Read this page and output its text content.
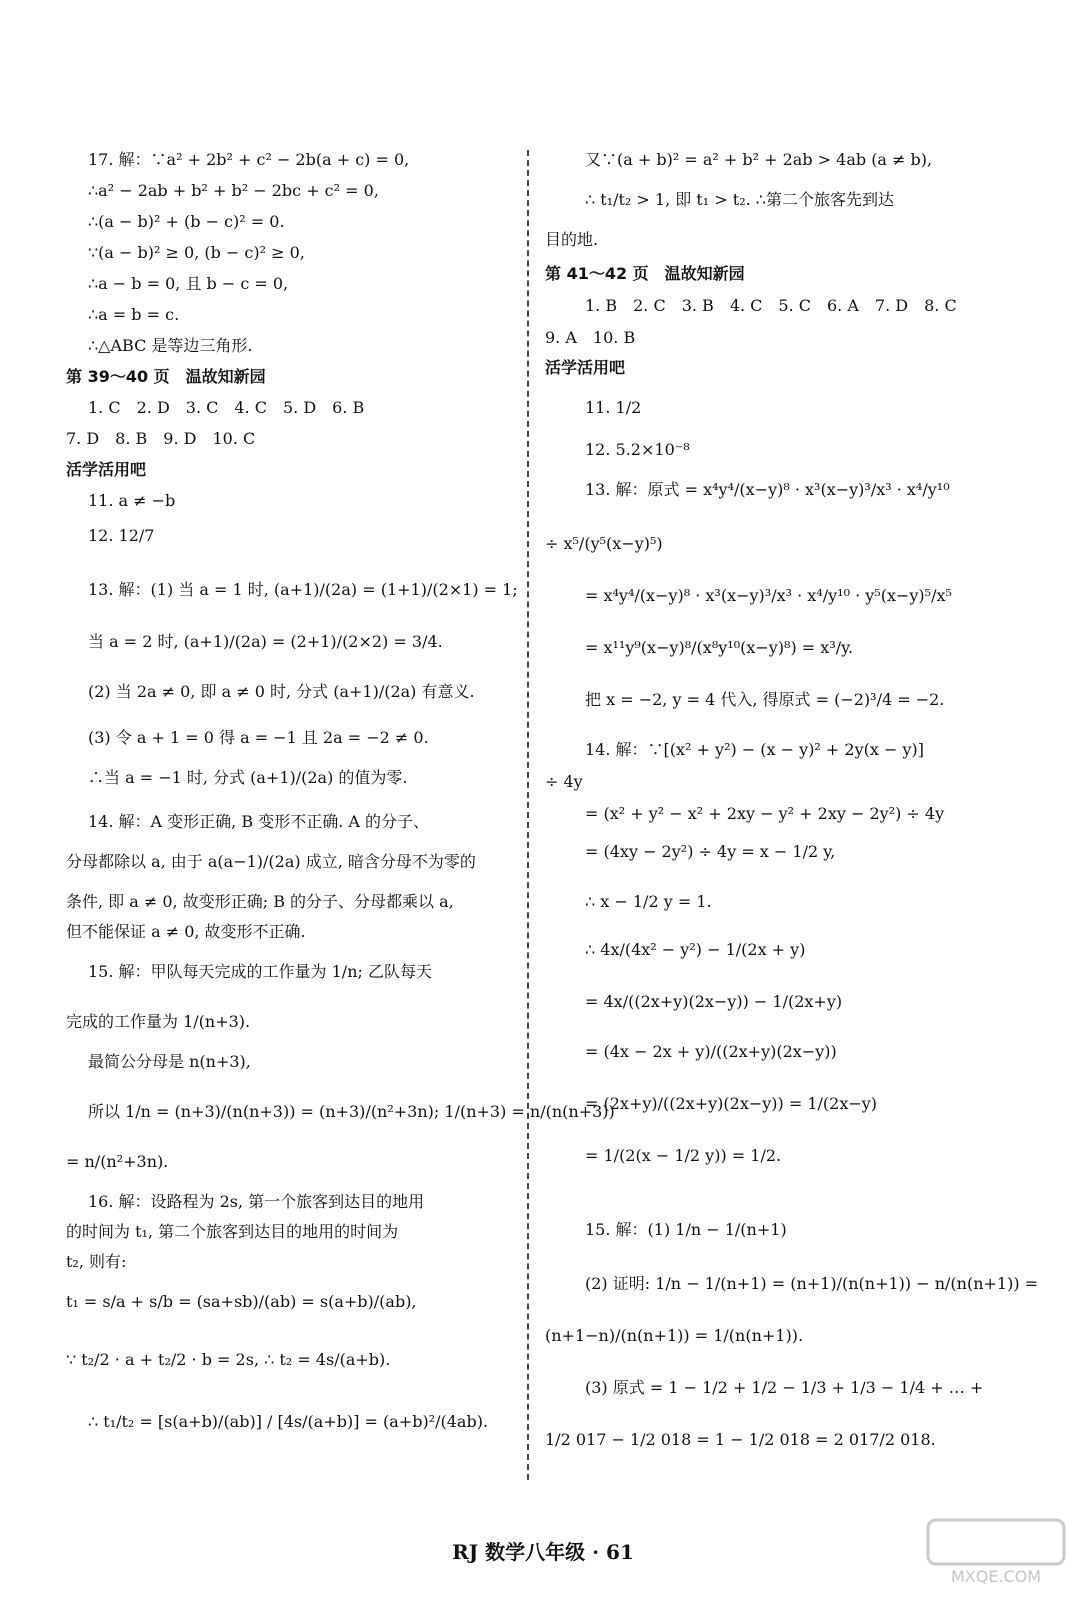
17. 解：∵a² + 2b² + c² − 2b(a + c) = 0,
∴a² − 2ab + b² + b² − 2bc + c² = 0,
∴(a − b)² + (b − c)² = 0.
∵(a − b)² ≥ 0, (b − c)² ≥ 0,
∴a − b = 0, 且 b − c = 0,
∴a = b = c.
∴△ABC 是等边三角形.
第 39～40 页　温故知新园
1. C　2. D　3. C　4. C　5. D　6. B
7. D　8. B　9. D　10. C
活学活用吧
11. a ≠ −b
12. 12/7
13. 解：(1) 当 a = 1 时, (a+1)/(2a) = (1+1)/(2×1) = 1;
当 a = 2 时, (a+1)/(2a) = (2+1)/(2×2) = 3/4.
(2) 当 2a ≠ 0, 即 a ≠ 0 时, 分式 (a+1)/(2a) 有意义.
(3) 令 a + 1 = 0 得 a = −1 且 2a = −2 ≠ 0.
∴当 a = −1 时, 分式 (a+1)/(2a) 的值为零.
14. 解：A 变形正确, B 变形不正确. A 的分子、
分母都除以 a, 由于 a(a−1)/(2a) 成立, 暗含分母不为零的
条件, 即 a ≠ 0, 故变形正确; B 的分子、分母都乘以 a,
但不能保证 a ≠ 0, 故变形不正确.
15. 解：甲队每天完成的工作量为 1/n; 乙队每天
完成的工作量为 1/(n+3).
最简公分母是 n(n+3),
所以 1/n = (n+3)/(n(n+3)) = (n+3)/(n²+3n); 1/(n+3) = n/(n(n+3))
= n/(n²+3n).
16. 解：设路程为 2s, 第一个旅客到达目的地用
的时间为 t₁, 第二个旅客到达目的地用的时间为
t₂, 则有:
t₁ = s/a + s/b = (sa+sb)/(ab) = s(a+b)/(ab),
∵ t₂/2 · a + t₂/2 · b = 2s, ∴ t₂ = 4s/(a+b).
∴ t₁/t₂ = [s(a+b)/(ab)] / [4s/(a+b)] = (a+b)²/(4ab).
又∵(a + b)² = a² + b² + 2ab > 4ab (a ≠ b),
∴ t₁/t₂ > 1, 即 t₁ > t₂. ∴第二个旅客先到达
目的地.
第 41～42 页　温故知新园
1. B　2. C　3. B　4. C　5. C　6. A　7. D　8. C
9. A　10. B
活学活用吧
11. 1/2
12. 5.2×10⁻⁸
13. 解：原式 = x⁴y⁴/(x−y)⁸ · x³(x−y)³/x³ · x⁴/y¹⁰
÷ x⁵/(y⁵(x−y)⁵)
= x⁴y⁴/(x−y)⁸ · x³(x−y)³/x³ · x⁴/y¹⁰ · y⁵(x−y)⁵/x⁵
= x¹¹y⁹(x−y)⁸/(x⁸y¹⁰(x−y)⁸) = x³/y.
把 x = −2, y = 4 代入, 得原式 = (−2)³/4 = −2.
14. 解：∵[(x² + y²) − (x − y)² + 2y(x − y)]
÷ 4y
= (x² + y² − x² + 2xy − y² + 2xy − 2y²) ÷ 4y
= (4xy − 2y²) ÷ 4y = x − 1/2 y,
∴ x − 1/2 y = 1.
∴ 4x/(4x² − y²) − 1/(2x + y)
= 4x/((2x+y)(2x−y)) − 1/(2x+y)
= (4x − 2x + y)/((2x+y)(2x−y))
= (2x+y)/((2x+y)(2x−y)) = 1/(2x−y)
= 1/(2(x − 1/2 y)) = 1/2.
15. 解：(1) 1/n − 1/(n+1)
(2) 证明: 1/n − 1/(n+1) = (n+1)/(n(n+1)) − n/(n(n+1)) =
(n+1−n)/(n(n+1)) = 1/(n(n+1)).
(3) 原式 = 1 − 1/2 + 1/2 − 1/3 + 1/3 − 1/4 + … +
1/2 017 − 1/2 018 = 1 − 1/2 018 = 2 017/2 018.
RJ 数学八年级 · 61
MXQE.COM
